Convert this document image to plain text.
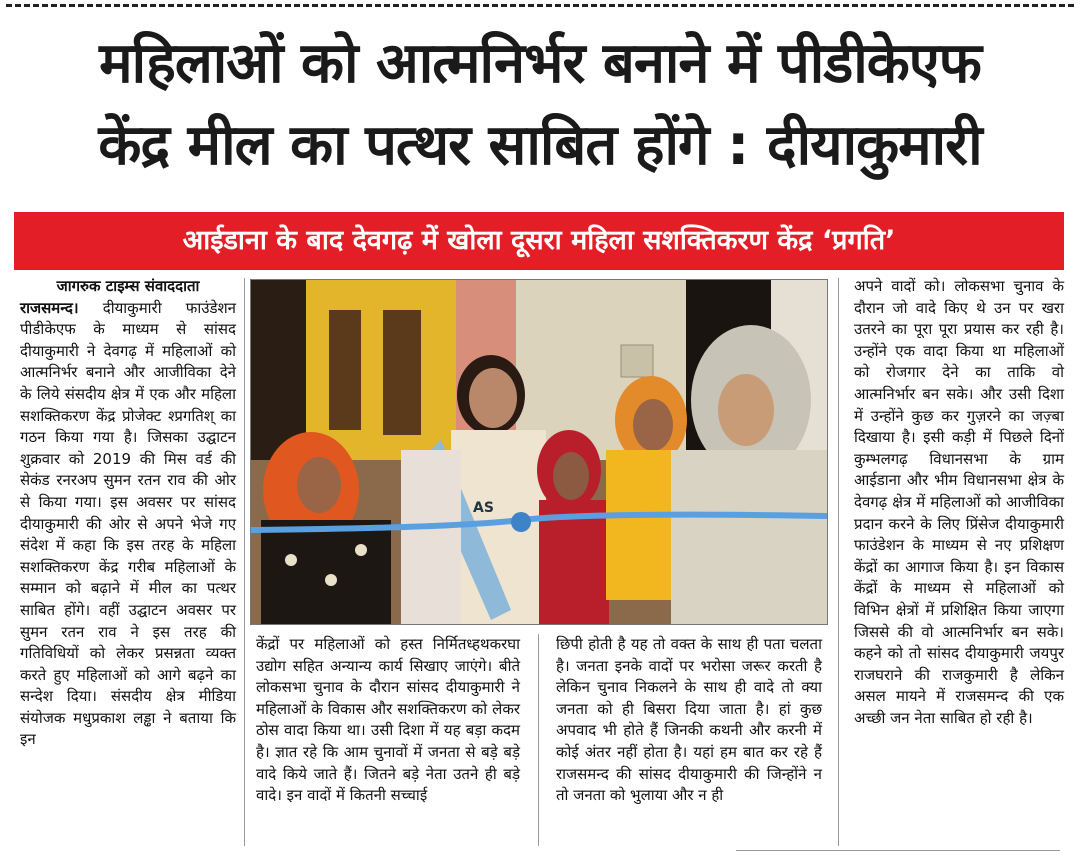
महिलाओं को आत्मनिर्भर बनाने में पीडीकेएफ
केंद्र मील का पत्थर साबित होंगे : दीयाकुमारी
आईडाना के बाद देवगढ़ में खोला दूसरा महिला सशक्तिकरण केंद्र ‘प्रगति’

जागरुक टाइम्स संवाददाता

राजसमन्द। दीयाकुमारी फाउंडेशन पीडीकेएफ के माध्यम से सांसद दीयाकुमारी ने देवगढ़ में महिलाओं को आत्मनिर्भर बनाने और आजीविका देने के लिये संसदीय क्षेत्र में एक और महिला सशक्तिकरण केंद्र प्रोजेक्ट श्प्रगतिश् का गठन किया गया है। जिसका उद्घाटन शुक्रवार को 2019 की मिस वर्ड की सेकंड रनरअप सुमन रतन राव की ओर से किया गया। इस अवसर पर सांसद दीयाकुमारी की ओर से अपने भेजे गए संदेश में कहा कि इस तरह के महिला सशक्तिकरण केंद्र गरीब महिलाओं के सम्मान को बढ़ाने में मील का पत्थर साबित होंगे। वहीं उद्घाटन अवसर पर सुमन रतन राव ने इस तरह की गतिविधियों को लेकर प्रसन्नता व्यक्त करते हुए महिलाओं को आगे बढ़ने का सन्देश दिया। संसदीय क्षेत्र मीडिया संयोजक मधुप्रकाश लड्ढा ने बताया कि इन

AS

केंद्रों पर महिलाओं को हस्त निर्मितध्हथकरघा उद्योग सहित अन्यान्य कार्य सिखाए जाएंगे। बीते लोकसभा चुनाव के दौरान सांसद दीयाकुमारी ने महिलाओं के विकास और सशक्तिकरण को लेकर ठोस वादा किया था। उसी दिशा में यह बड़ा कदम है। ज्ञात रहे कि आम चुनावों में जनता से बड़े बड़े वादे किये जाते हैं। जितने बड़े नेता उतने ही बड़े वादे। इन वादों में कितनी सच्चाई

छिपी होती है यह तो वक्त के साथ ही पता चलता है। जनता इनके वादों पर भरोसा जरूर करती है लेकिन चुनाव निकलने के साथ ही वादे तो क्या जनता को ही बिसरा दिया जाता है। हां कुछ अपवाद भी होते हैं जिनकी कथनी और करनी में कोई अंतर नहीं होता है। यहां हम बात कर रहे हैं राजसमन्द की सांसद दीयाकुमारी की जिन्होंने न तो जनता को भुलाया और न ही

अपने वादों को। लोकसभा चुनाव के दौरान जो वादे किए थे उन पर खरा उतरने का पूरा पूरा प्रयास कर रही है। उन्होंने एक वादा किया था महिलाओं को रोजगार देने का ताकि वो आत्मनिर्भार बन सके। और उसी दिशा में उन्होंने कुछ कर गुज़रने का जज़्बा दिखाया है। इसी कड़ी में पिछले दिनों कुम्भलगढ़ विधानसभा के ग्राम आईडाना और भीम विधानसभा क्षेत्र के देवगढ़ क्षेत्र में महिलाओं को आजीविका प्रदान करने के लिए प्रिंसेज दीयाकुमारी फाउंडेशन के माध्यम से नए प्रशिक्षण केंद्रों का आगाज किया है। इन विकास केंद्रों के माध्यम से महिलाओं को विभिन क्षेत्रों में प्रशिक्षित किया जाएगा जिससे की वो आत्मनिर्भार बन सके। कहने को तो सांसद दीयाकुमारी जयपुर राजघराने की राजकुमारी है लेकिन असल मायने में राजसमन्द की एक अच्छी जन नेता साबित हो रही है।
